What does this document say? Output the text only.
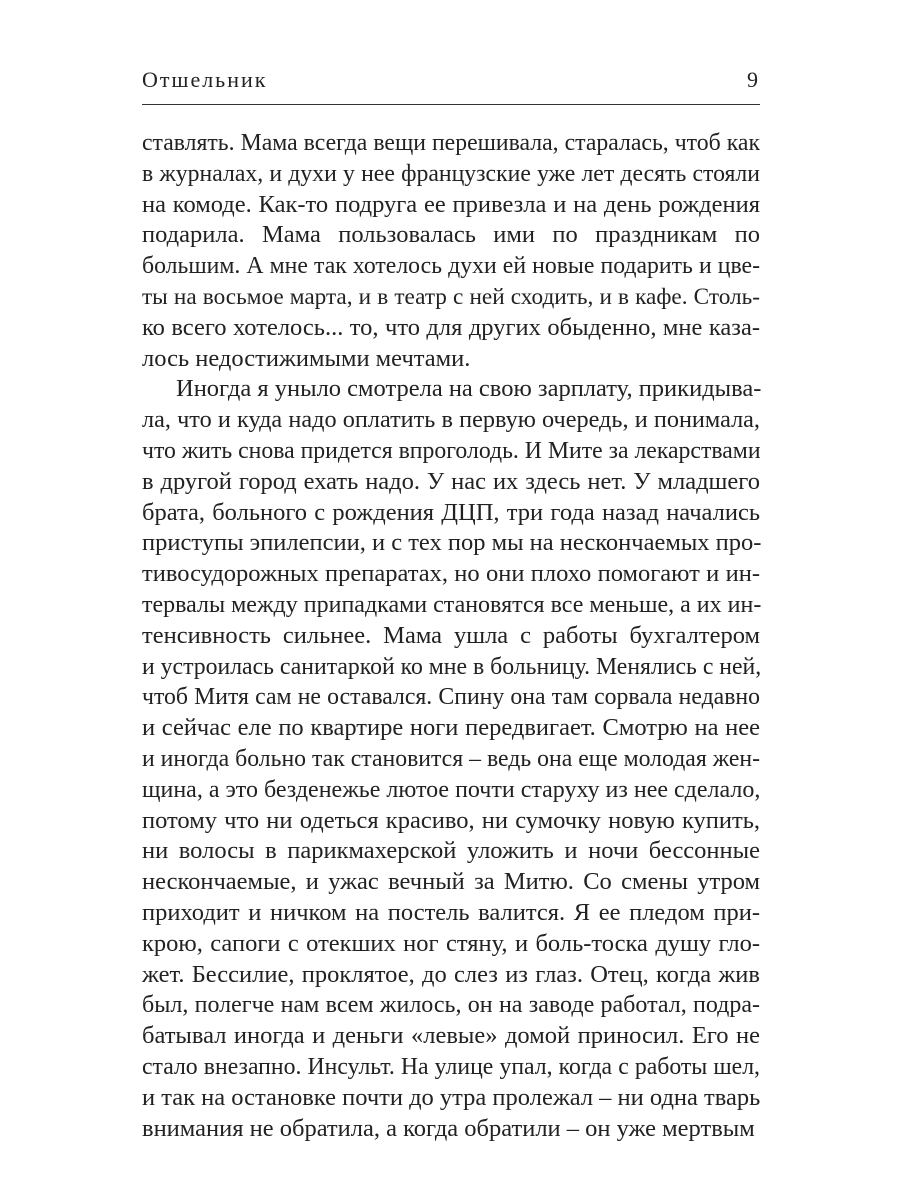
Отшельник	9
ставлять. Мама всегда вещи перешивала, старалась, чтоб как
в журналах, и духи у нее французские уже лет десять стояли
на комоде. Как-то подруга ее привезла и на день рождения
подарила. Мама пользовалась ими по праздникам по
большим. А мне так хотелось духи ей новые подарить и цве-
ты на восьмое марта, и в театр с ней сходить, и в кафе. Столь-
ко всего хотелось... то, что для других обыденно, мне каза-
лось недостижимыми мечтами.
Иногда я уныло смотрела на свою зарплату, прикидыва-
ла, что и куда надо оплатить в первую очередь, и понимала,
что жить снова придется впроголодь. И Мите за лекарствами
в другой город ехать надо. У нас их здесь нет. У младшего
брата, больного с рождения ДЦП, три года назад начались
приступы эпилепсии, и с тех пор мы на нескончаемых про-
тивосудорожных препаратах, но они плохо помогают и ин-
тервалы между припадками становятся все меньше, а их ин-
тенсивность сильнее. Мама ушла с работы бухгалтером
и устроилась санитаркой ко мне в больницу. Менялись с ней,
чтоб Митя сам не оставался. Спину она там сорвала недавно
и сейчас еле по квартире ноги передвигает. Смотрю на нее
и иногда больно так становится – ведь она еще молодая жен-
щина, а это безденежье лютое почти старуху из нее сделало,
потому что ни одеться красиво, ни сумочку новую купить,
ни волосы в парикмахерской уложить и ночи бессонные
нескончаемые, и ужас вечный за Митю. Со смены утром
приходит и ничком на постель валится. Я ее пледом при-
крою, сапоги с отекших ног стяну, и боль-тоска душу гло-
жет. Бессилие, проклятое, до слез из глаз. Отец, когда жив
был, полегче нам всем жилось, он на заводе работал, подра-
батывал иногда и деньги «левые» домой приносил. Его не
стало внезапно. Инсульт. На улице упал, когда с работы шел,
и так на остановке почти до утра пролежал – ни одна тварь
внимания не обратила, а когда обратили – он уже мертвым
